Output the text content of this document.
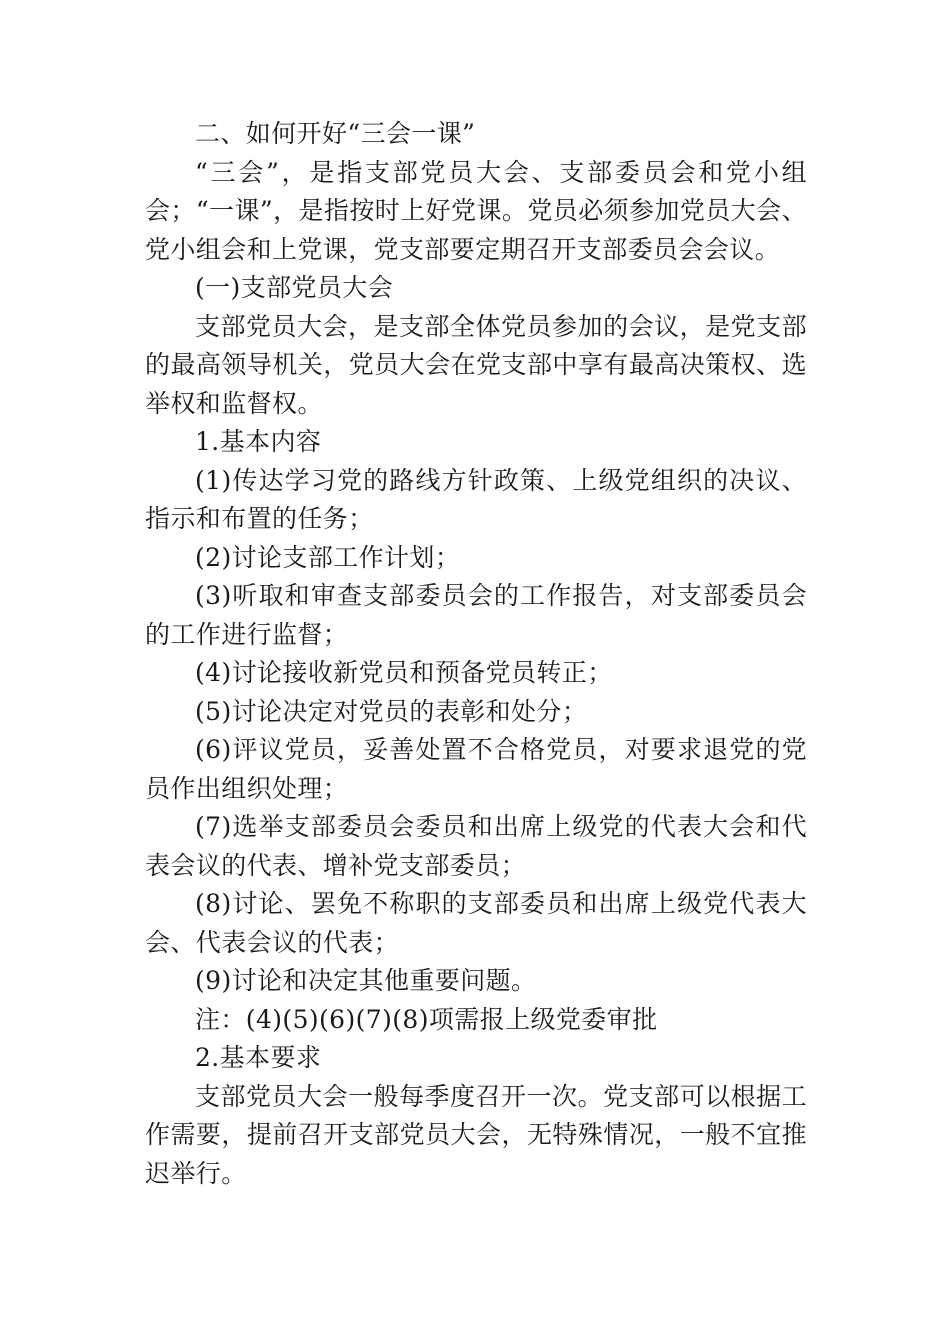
二、如何开好“三会一课”

“三会”，是指支部党员大会、支部委员会和党小组会；“一课”，是指按时上好党课。党员必须参加党员大会、党小组会和上党课，党支部要定期召开支部委员会会议。

(一)支部党员大会

支部党员大会，是支部全体党员参加的会议，是党支部的最高领导机关，党员大会在党支部中享有最高决策权、选举权和监督权。

1.基本内容

(1)传达学习党的路线方针政策、上级党组织的决议、指示和布置的任务；

(2)讨论支部工作计划；

(3)听取和审查支部委员会的工作报告，对支部委员会的工作进行监督；

(4)讨论接收新党员和预备党员转正；

(5)讨论决定对党员的表彰和处分；

(6)评议党员，妥善处置不合格党员，对要求退党的党员作出组织处理；

(7)选举支部委员会委员和出席上级党的代表大会和代表会议的代表、增补党支部委员；

(8)讨论、罢免不称职的支部委员和出席上级党代表大会、代表会议的代表；

(9)讨论和决定其他重要问题。

注：(4)(5)(6)(7)(8)项需报上级党委审批

2.基本要求

支部党员大会一般每季度召开一次。党支部可以根据工作需要，提前召开支部党员大会，无特殊情况，一般不宜推迟举行。
